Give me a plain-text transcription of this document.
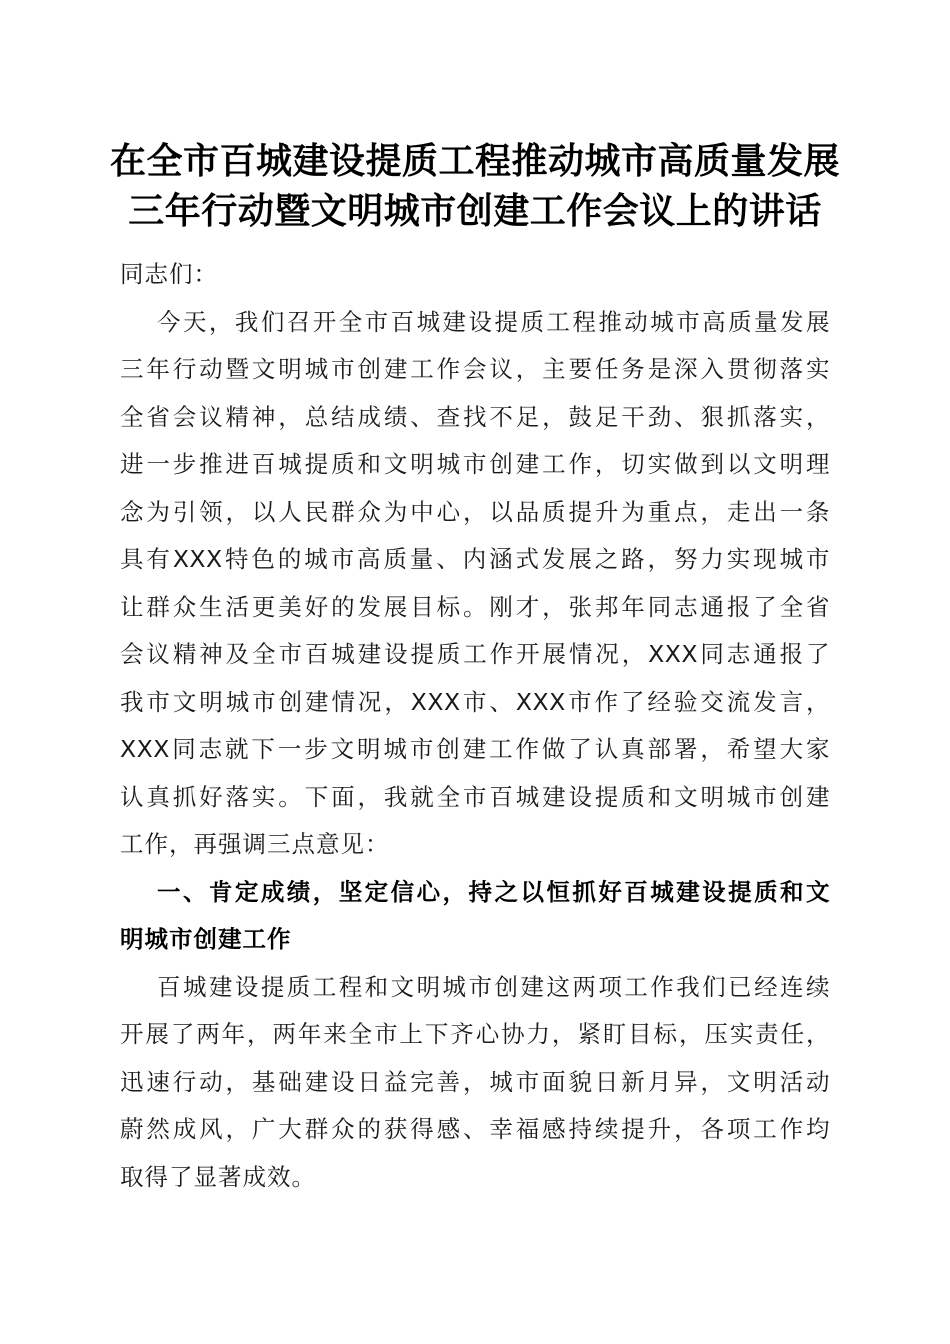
在全市百城建设提质工程推动城市高质量发展
三年行动暨文明城市创建工作会议上的讲话
同志们：
今天，我们召开全市百城建设提质工程推动城市高质量发展
三年行动暨文明城市创建工作会议，主要任务是深入贯彻落实
全省会议精神，总结成绩、查找不足，鼓足干劲、狠抓落实，
进一步推进百城提质和文明城市创建工作，切实做到以文明理
念为引领，以人民群众为中心，以品质提升为重点，走出一条
具有XXX特色的城市高质量、内涵式发展之路，努力实现城市
让群众生活更美好的发展目标。刚才，张邦年同志通报了全省
会议精神及全市百城建设提质工作开展情况，XXX同志通报了
我市文明城市创建情况，XXX市、XXX市作了经验交流发言，
XXX同志就下一步文明城市创建工作做了认真部署，希望大家
认真抓好落实。下面，我就全市百城建设提质和文明城市创建
工作，再强调三点意见：
一、肯定成绩，坚定信心，持之以恒抓好百城建设提质和文
明城市创建工作
百城建设提质工程和文明城市创建这两项工作我们已经连续
开展了两年，两年来全市上下齐心协力，紧盯目标，压实责任，
迅速行动，基础建设日益完善，城市面貌日新月异，文明活动
蔚然成风，广大群众的获得感、幸福感持续提升，各项工作均
取得了显著成效。
